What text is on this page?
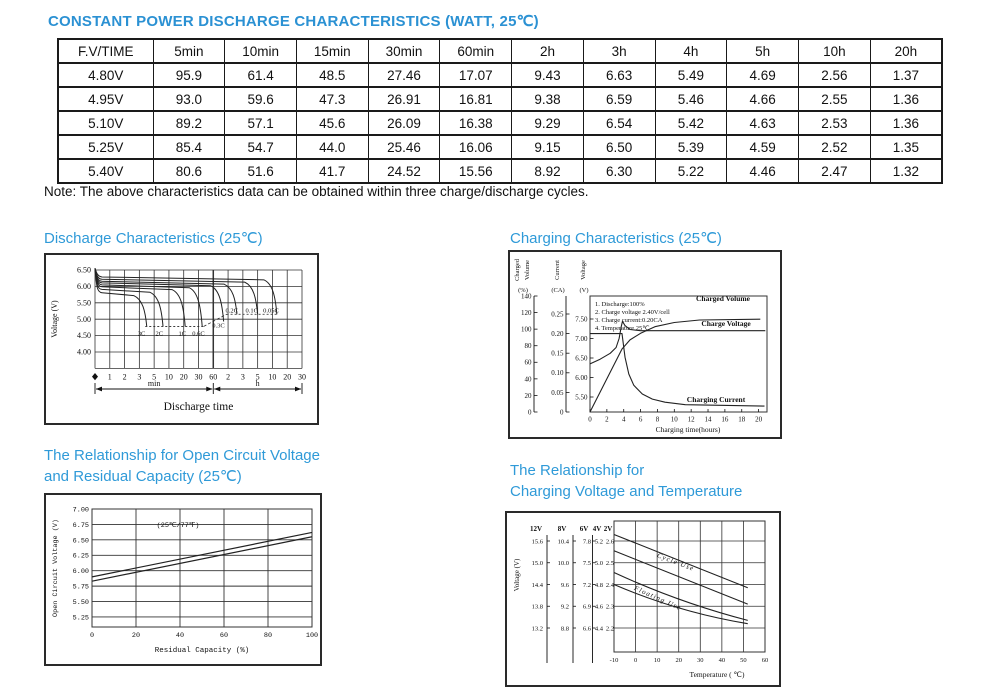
CONSTANT POWER DISCHARGE CHARACTERISTICS (WATT, 25℃)
F.V/TIME	5min	10min	15min	30min	60min	2h	3h	4h	5h	10h	20h
4.80V	95.9	61.4	48.5	27.46	17.07	9.43	6.63	5.49	4.69	2.56	1.37
4.95V	93.0	59.6	47.3	26.91	16.81	9.38	6.59	5.46	4.66	2.55	1.36
5.10V	89.2	57.1	45.6	26.09	16.38	9.29	6.54	5.42	4.63	2.53	1.36
5.25V	85.4	54.7	44.0	25.46	16.06	9.15	6.50	5.39	4.59	2.52	1.35
5.40V	80.6	51.6	41.7	24.52	15.56	8.92	6.30	5.22	4.46	2.47	1.32
Note: The above characteristics data can be obtained within three charge/discharge cycles.
Discharge Characteristics (25℃)	Charging Characteristics (25℃)
The Relationship for Open Circuit Voltage
and Residual Capacity (25℃)	The Relationship for
Charging Voltage and Temperature
6.50
6.00
5.50
5.00
4.50
4.00
1 2 3 5 10 20 30 60 2 3 5 10 20 30
3C 2C 1C 0.6C
0.3C
0.2C 0.1C 0.05C
min	h
Discharge time
Voltage (V)
0 2 4 6 8 10 12 14 16 18 20
Charging time(hours)
140
120
100
80
60
40
20
0
Charged Volume
(%)
0.25
0.20
0.15
0.10
0.05
0
Current
(CA)
7.50
7.00
6.50
6.00
5.50
Voltage
(V)
1. Discharge:100%
2. Charge voltage 2.40V/cell
3. Charge current:0.20CA
4. Temperature 25℃
Charged Volume
Charge Voltage
Charging Current
0	20	40	60	80	100
7.00
6.75
6.50
6.25
6.00
5.75
5.50
5.25
(25℃/77℉)
Residual Capacity (%)
Open Circuit Voltage (V)
-10 0	10 20 30 40 50 60
12V
15.6
15.0
14.4
13.8
13.2
8V
10.4
10.0
9.6
9.2
8.8
6V
7.8
7.5
7.2
6.9
6.6
4V
5.2
5.0
4.8
4.6
4.4
2V
2.6
2.5
2.4
2.3
2.2
Cycle Use
Floating Use
Temperature ( ℃)
Voltage (V)
